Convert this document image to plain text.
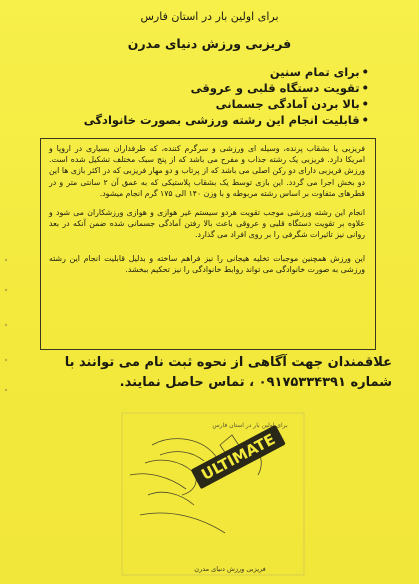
برای اولین بار در استان فارس
فریزبی ورزش دنیای مدرن
• برای تمام سنین
• تقویت دستگاه قلبی و عروقی
• بالا بردن آمادگی جسمانی
• قابلیت انجام این رشته ورزشی بصورت خانوادگی

فریزبی یا بشقاب پرنده، وسیله ای ورزشی و سرگرم کننده، که طرفداران بسیاری در اروپا و امریکا دارد. فریزبی یک رشته جذاب و مفرح می باشد که از پنج سبک مختلف تشکیل شده است. ورزش فریزبی دارای دو رکن اصلی می باشد که از پرتاب و دو مهار فریزبی که در اکثر بازی ها این دو بخش اجرا می گردد. این بازی توسط یک بشقاب پلاستیکی که به عمق آن ۲ سانتی متر و در قطرهای متفاوت بر اساس رشته مربوطه و با وزن ۱۴۰ الی ۱۷۵ گرم انجام میشود.

انجام این رشته ورزشی موجب تقویت هردو سیستم غیر هوازی و هوازی ورزشکاران می شود و علاوه بر تقویت دستگاه قلبی و عروقی باعث بالا رفتن آمادگی جسمانی شده ضمن آنکه در بعد روانی نیز تاثیرات شگرفی را بر روی افراد می گذارد.

این ورزش همچنین موجبات تخلیه هیجانی را نیز فراهم ساخته و بدلیل قابلیت انجام این رشته ورزشی به صورت خانوادگی می تواند روابط خانوادگی را نیز تحکیم ببخشد.

علاقمندان جهت آگاهی از نحوه ثبت نام می توانند با
شماره ۰۹۱۷۵۳۳۴۳۹۱ ، تماس حاصل نمایند.
برای اولین بار در استان فارس
ULTIMATE
فریزبی ورزش دنیای مدرن
